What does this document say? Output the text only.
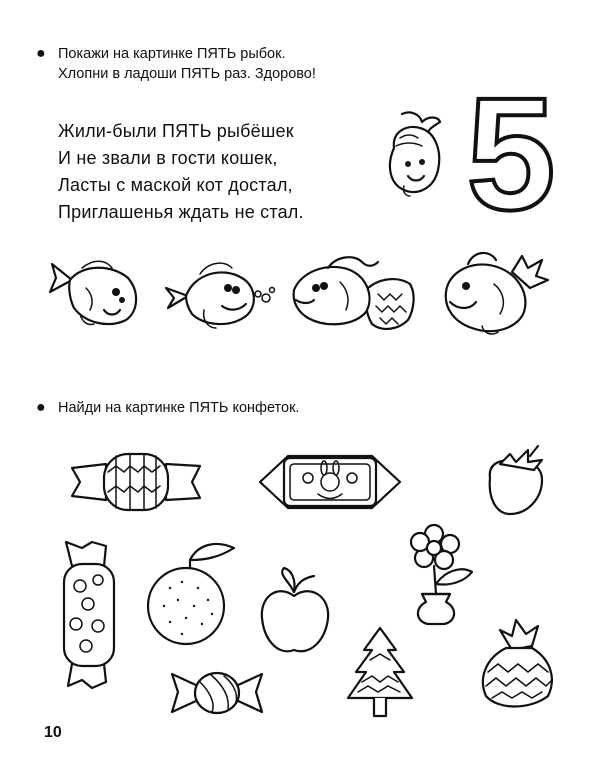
● Покажи на картинке ПЯТЬ рыбок.
Хлопни в ладоши ПЯТЬ раз. Здорово!
Жили-были ПЯТЬ рыбёшек
И не звали в гости кошек,
Ласты с маской кот достал,
Приглашенья ждать не стал. 5
● Найди на картинке ПЯТЬ конфеток.
10
